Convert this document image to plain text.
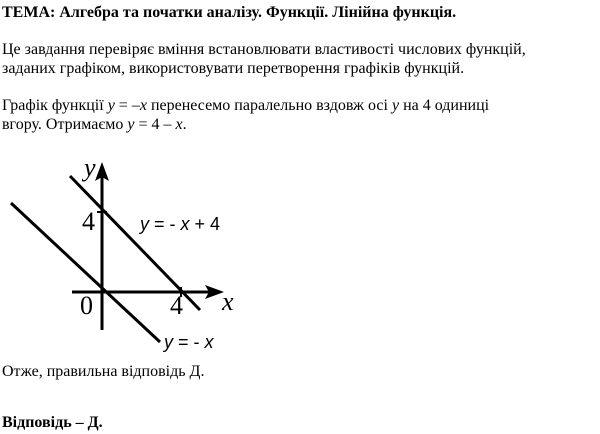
ТЕМА: Алгебра та початки аналізу. Функції. Лінійна функція.
Це завдання перевіряє вміння встановлювати властивості числових функцій,
заданих графіком, використовувати перетворення графіків функцій.
Графік функції y = –x перенесемо паралельно вздовж осі y на 4 одиниці
вгору. Отримаємо y = 4 – x.
y
x
0
4
4
y = - x + 4
y = - x
Отже, правильна відповідь Д.
Відповідь – Д.
